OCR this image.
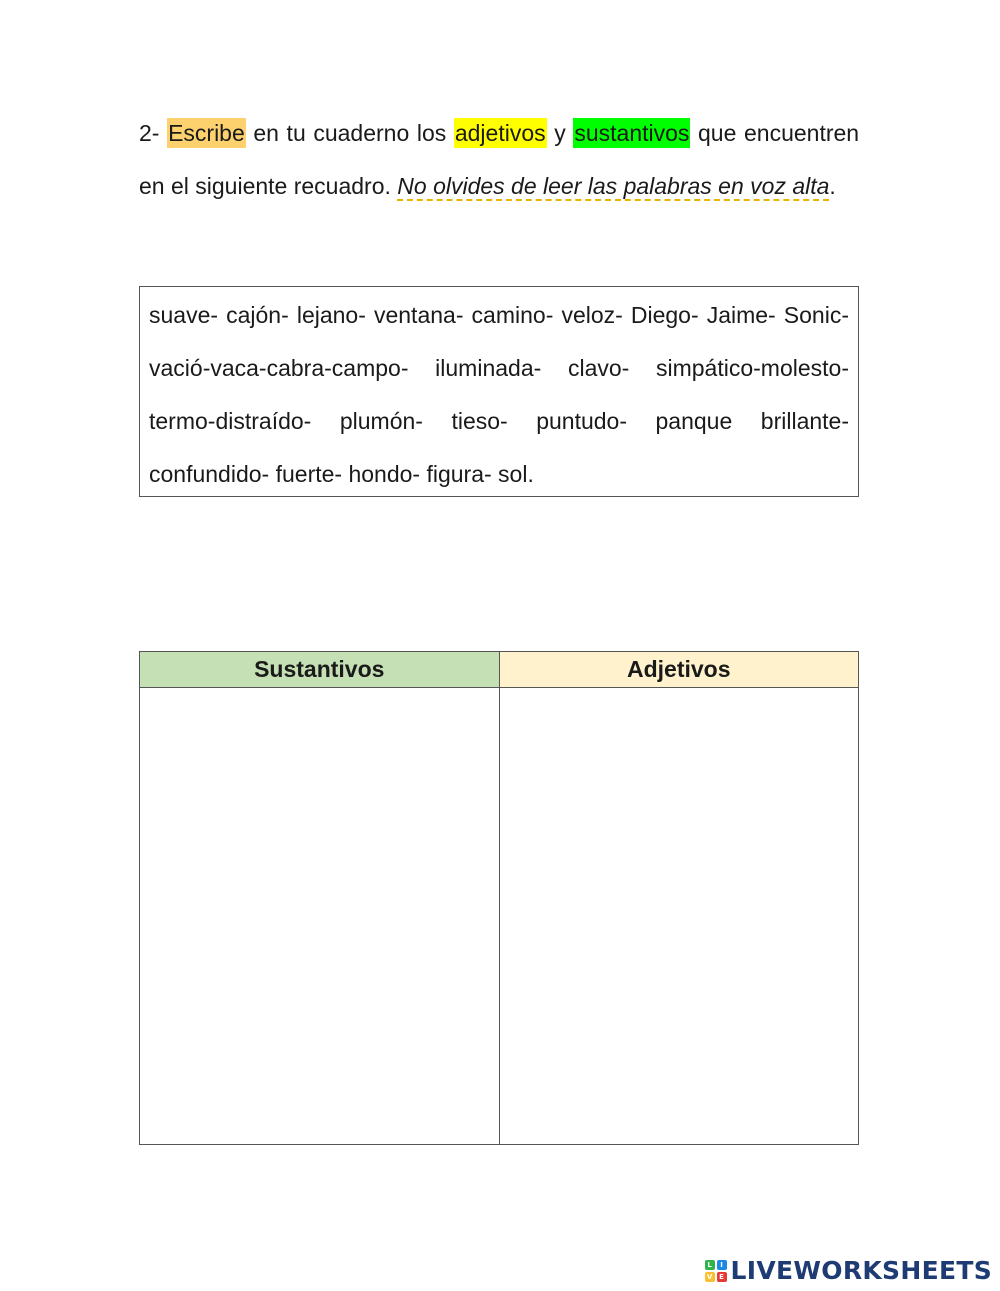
2- Escribe en tu cuaderno los adjetivos y sustantivos que encuentren en el siguiente recuadro. No olvides de leer las palabras en voz alta.

suave- cajón- lejano- ventana- camino- veloz- Diego- Jaime- Sonic-vació-vaca-cabra-campo- iluminada- clavo- simpático-molesto-termo-distraído- plumón- tieso- puntudo- panque brillante- confundido- fuerte- hondo- figura- sol.

Sustantivos	Adjetivos

L	I
V E LIVEWORKSHEETS
